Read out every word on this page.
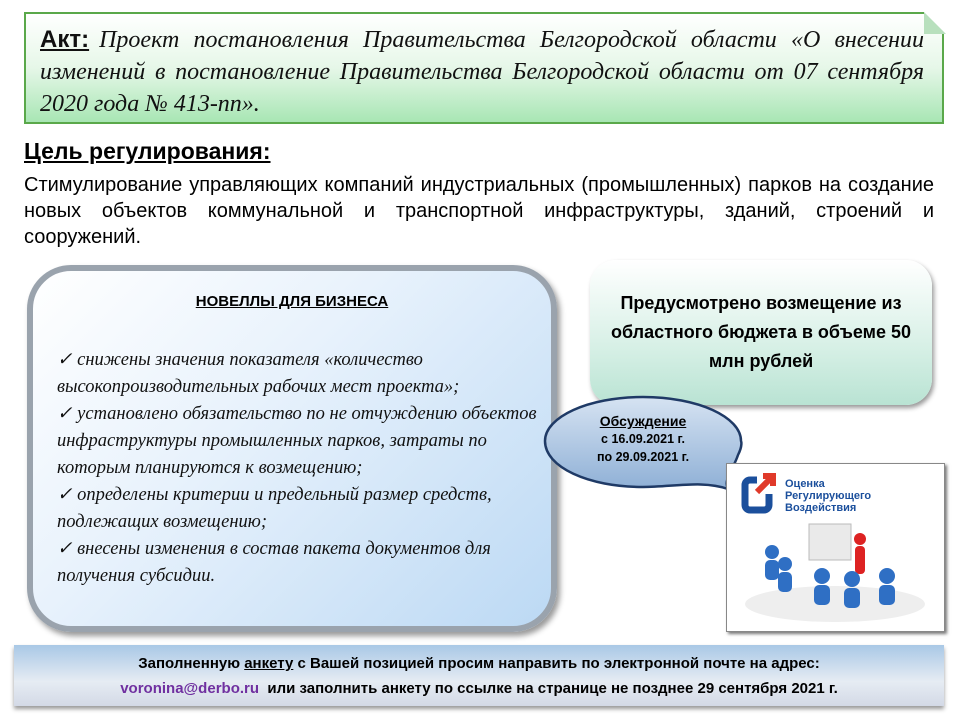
Акт: Проект постановления Правительства Белгородской области «О внесении изменений в постановление Правительства Белгородской области от 07 сентября 2020 года № 413-пп».
Цель регулирования:
Стимулирование управляющих компаний индустриальных (промышленных) парков на создание новых объектов коммунальной и транспортной инфраструктуры, зданий, строений и сооружений.
НОВЕЛЛЫ ДЛЯ БИЗНЕСА
✓ снижены значения показателя «количество высокопроизводительных рабочих мест проекта»;
✓ установлено обязательство по не отчуждению объектов инфраструктуры промышленных парков, затраты по которым планируются к возмещению;
✓ определены критерии и предельный размер средств, подлежащих возмещению;
✓ внесены изменения в состав пакета документов для получения субсидии.
Предусмотрено возмещение из областного бюджета в объеме 50 млн рублей
Обсуждение
с 16.09.2021 г.
по 29.09.2021 г.
Оценка
Регулирующего
Воздействия
Заполненную анкету с Вашей позицией просим направить по электронной почте на адрес:
voronina@derbo.ru  или заполнить анкету по ссылке на странице не позднее 29 сентября 2021 г.
